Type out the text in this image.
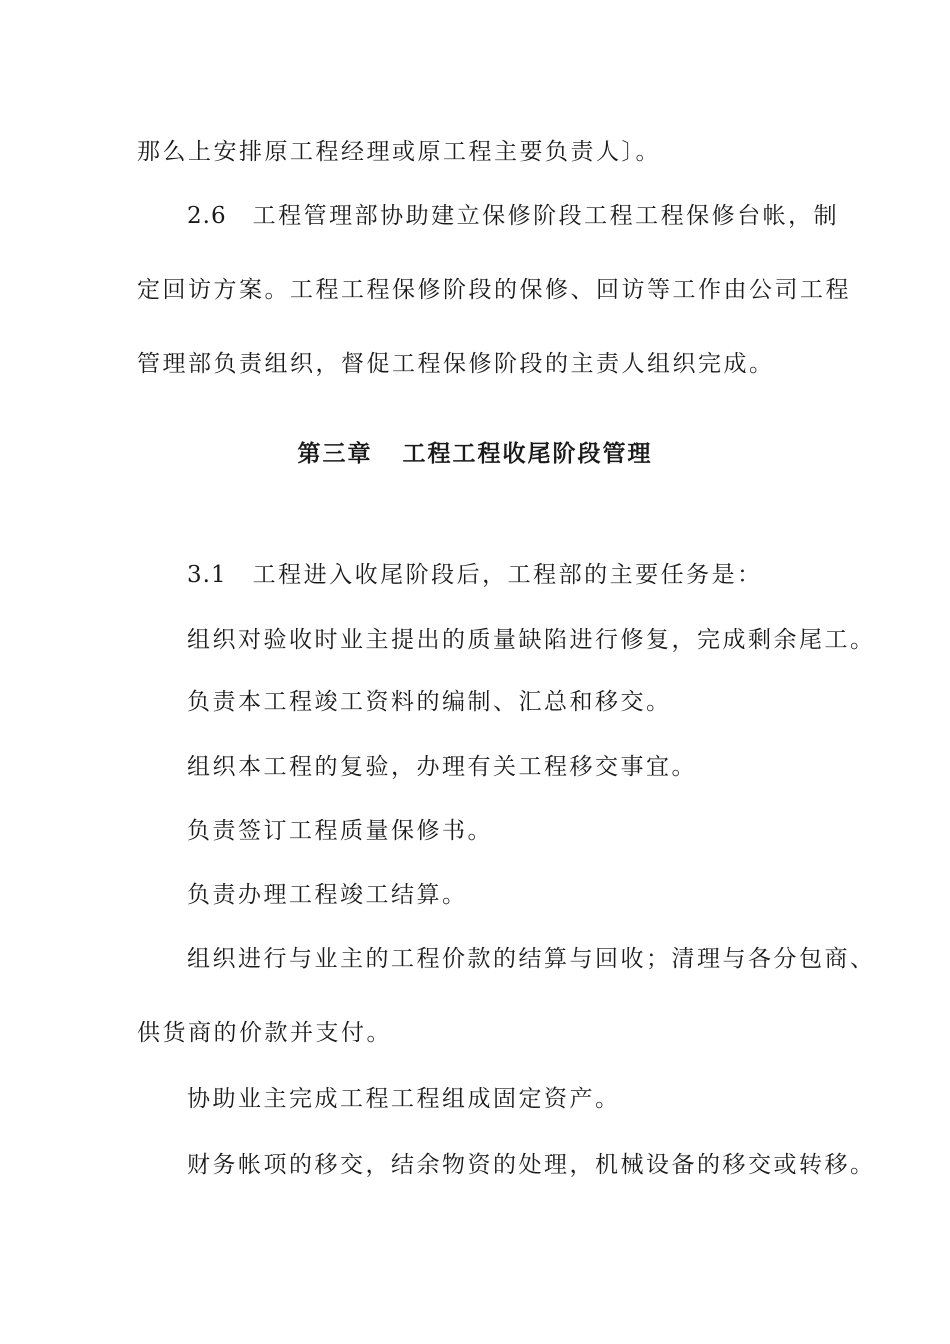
那么上安排原工程经理或原工程主要负责人〕。
2.6 工程管理部协助建立保修阶段工程工程保修台帐，制
定回访方案。工程工程保修阶段的保修、回访等工作由公司工程
管理部负责组织，督促工程保修阶段的主责人组织完成。
第三章 工程工程收尾阶段管理
3.1 工程进入收尾阶段后，工程部的主要任务是：
组织对验收时业主提出的质量缺陷进行修复，完成剩余尾工。
负责本工程竣工资料的编制、汇总和移交。
组织本工程的复验，办理有关工程移交事宜。
负责签订工程质量保修书。
负责办理工程竣工结算。
组织进行与业主的工程价款的结算与回收；清理与各分包商、
供货商的价款并支付。
协助业主完成工程工程组成固定资产。
财务帐项的移交，结余物资的处理，机械设备的移交或转移。
